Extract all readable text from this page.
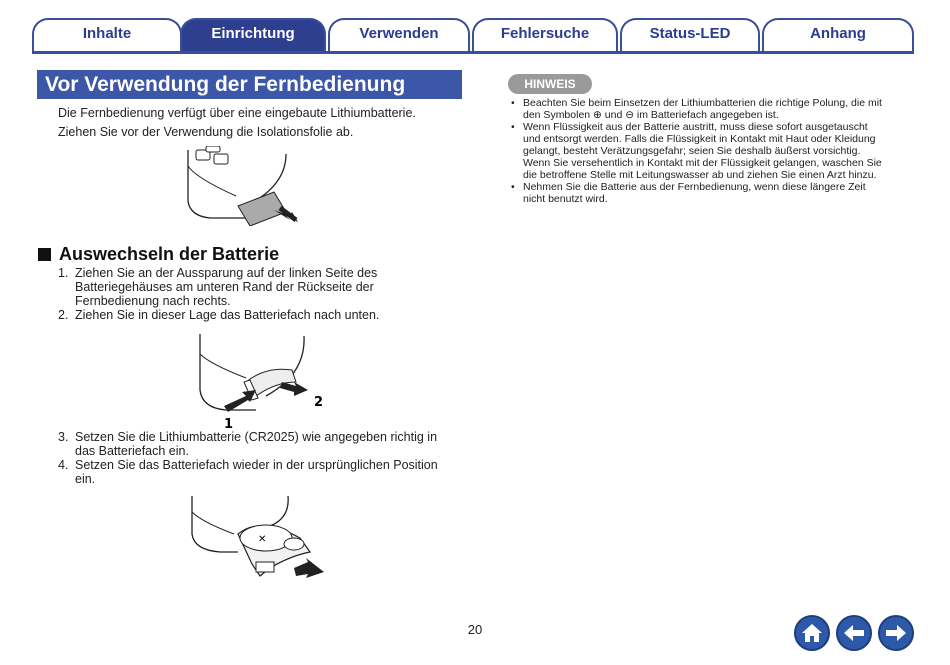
Inhalte	Einrichtung	Verwenden	Fehlersuche	Status-LED	Anhang
Vor Verwendung der Fernbedienung
Die Fernbedienung verfügt über eine eingebaute Lithiumbatterie.
Ziehen Sie vor der Verwendung die Isolationsfolie ab.
Auswechseln der Batterie
1. Ziehen Sie an der Aussparung auf der linken Seite des
Batteriegehäuses am unteren Rand der Rückseite der
Fernbedienung nach rechts.
2. Ziehen Sie in dieser Lage das Batteriefach nach unten.
2
1
3. Setzen Sie die Lithiumbatterie (CR2025) wie angegeben richtig in
das Batteriefach ein.
4. Setzen Sie das Batteriefach wieder in der ursprünglichen Position
ein.
✕
HINWEIS
• Beachten Sie beim Einsetzen der Lithiumbatterien die richtige Polung, die mit
den Symbolen ⊕ und ⊖ im Batteriefach angegeben ist.
• Wenn Flüssigkeit aus der Batterie austritt, muss diese sofort ausgetauscht
und entsorgt werden. Falls die Flüssigkeit in Kontakt mit Haut oder Kleidung
gelangt, besteht Verätzungsgefahr; seien Sie deshalb äußerst vorsichtig.
Wenn Sie versehentlich in Kontakt mit der Flüssigkeit gelangen, waschen Sie
die betroffene Stelle mit Leitungswasser ab und ziehen Sie einen Arzt hinzu.
• Nehmen Sie die Batterie aus der Fernbedienung, wenn diese längere Zeit
nicht benutzt wird.
20
